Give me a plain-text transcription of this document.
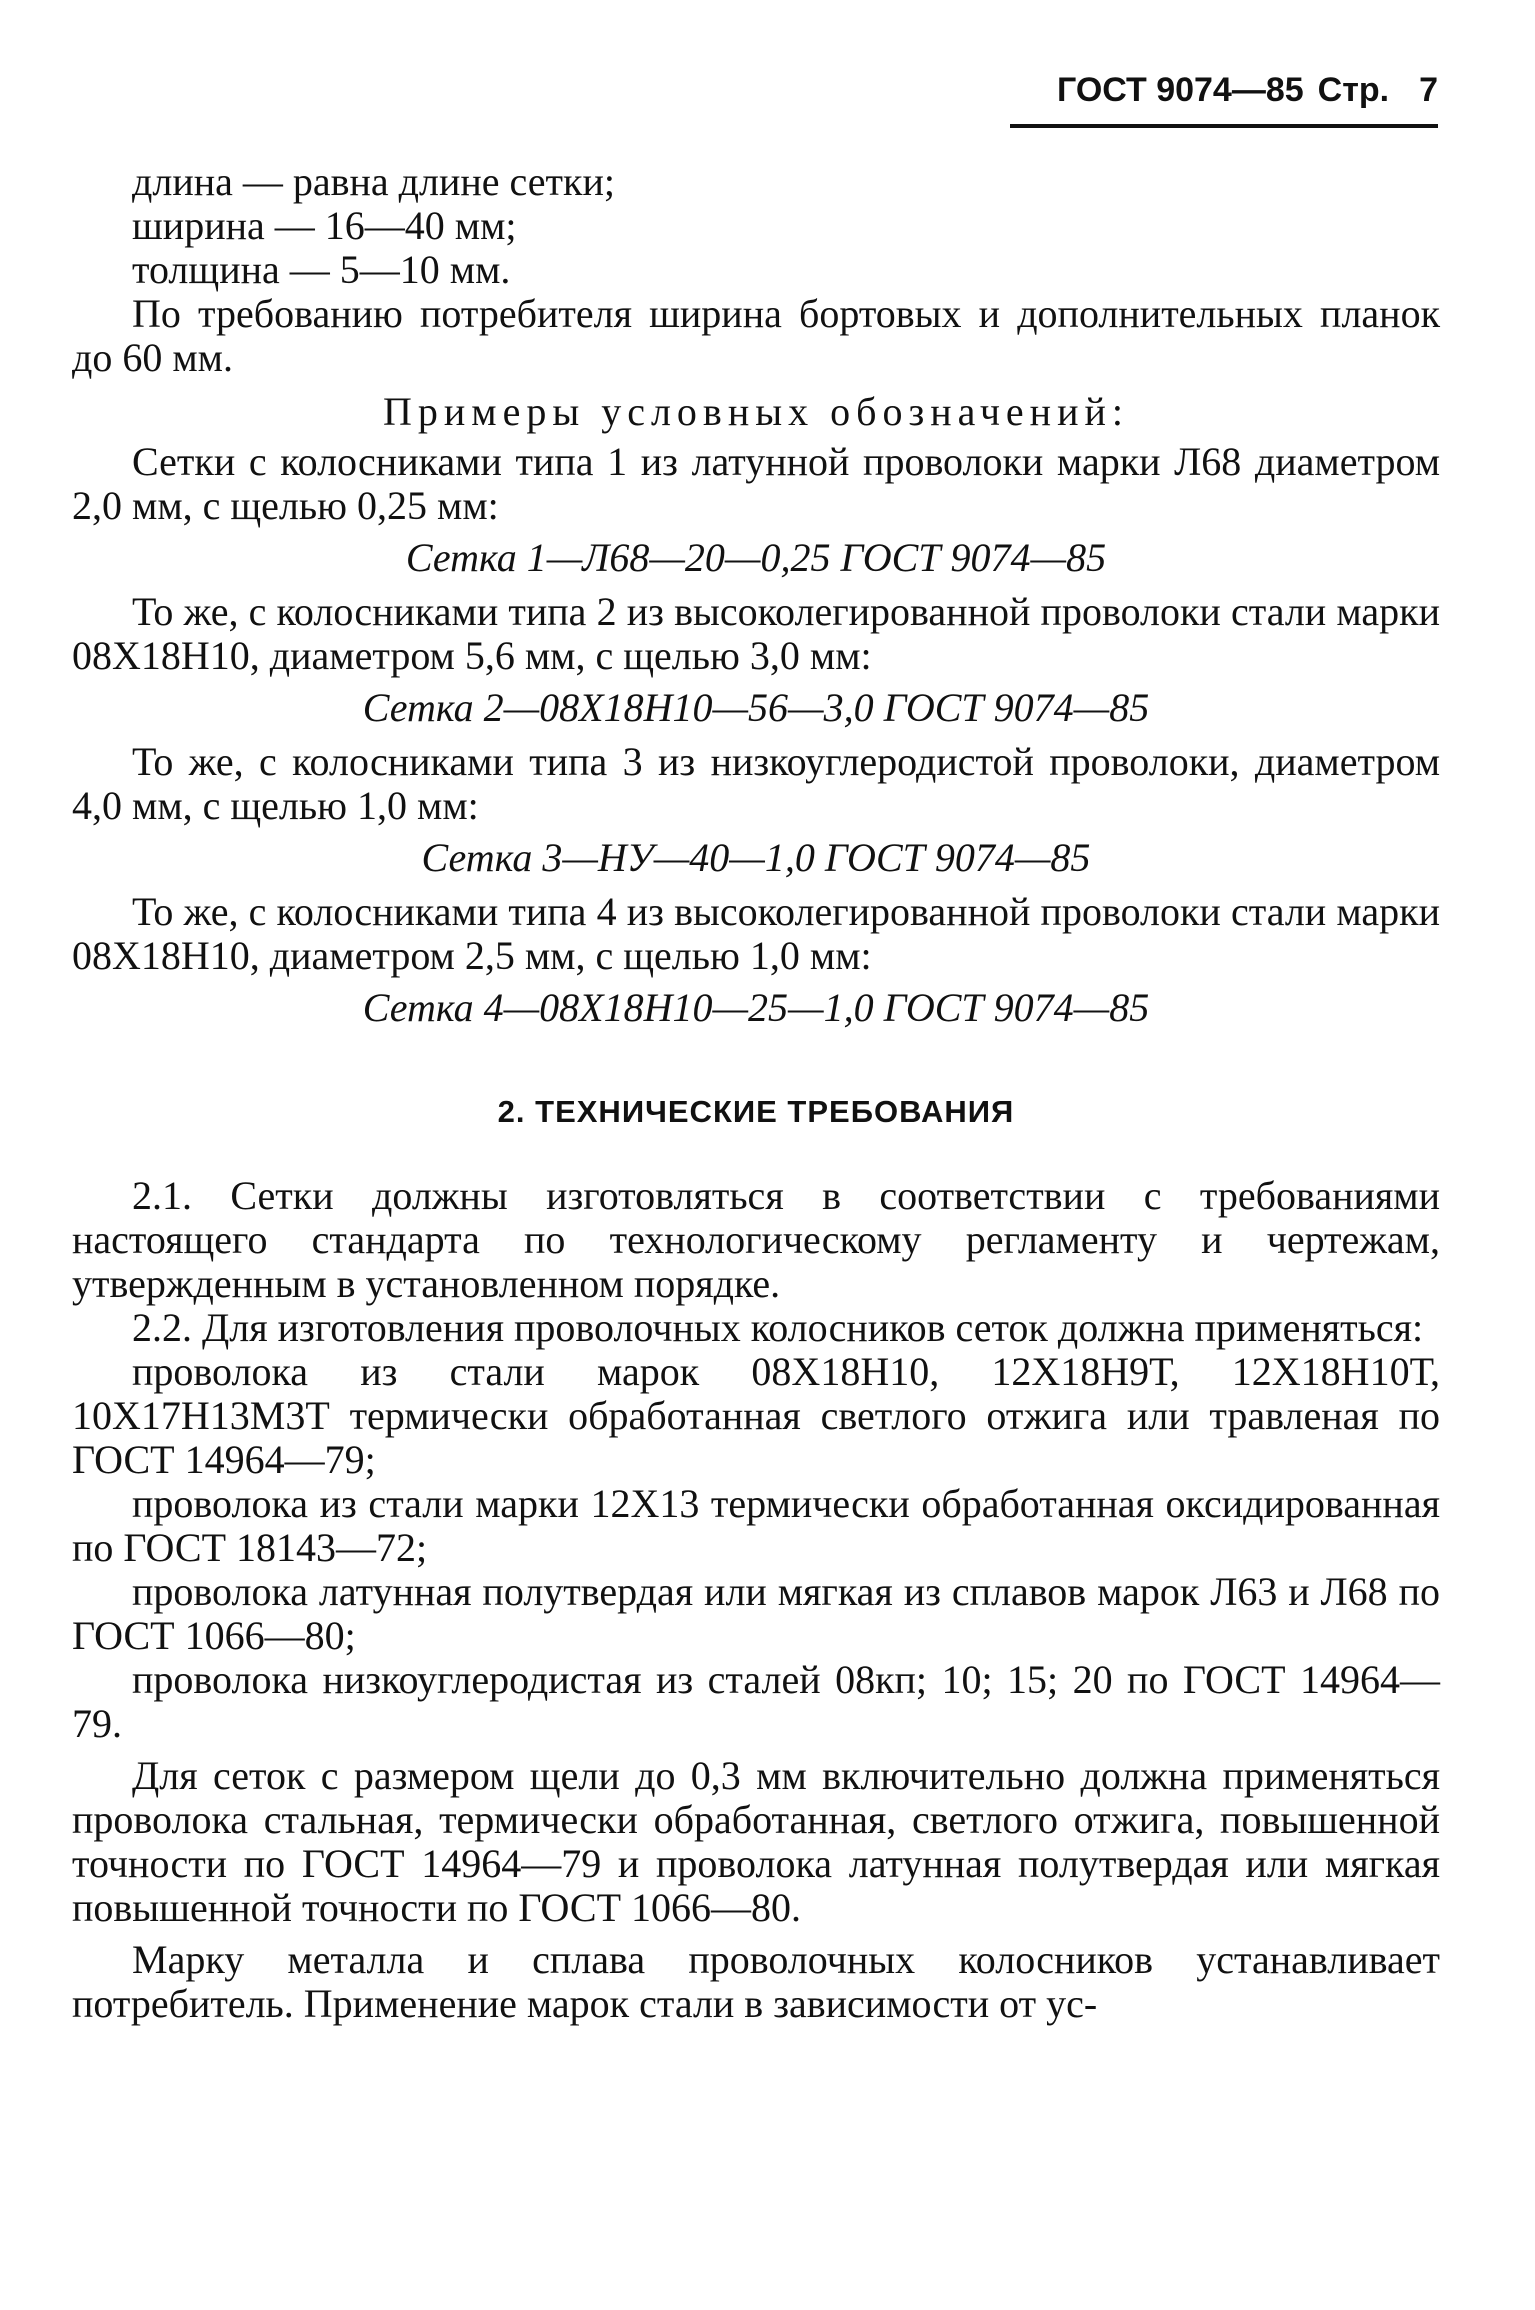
ГОСТ 9074—85 Стр. 7

длина — равна длине сетки;

ширина — 16—40 мм;

толщина — 5—10 мм.

По требованию потребителя ширина бортовых и дополнительных планок до 60 мм.

Примеры условных обозначений:

Сетки с колосниками типа 1 из латунной проволоки марки Л68 диаметром 2,0 мм, с щелью 0,25 мм:

Сетка 1—Л68—20—0,25 ГОСТ 9074—85

То же, с колосниками типа 2 из высоколегированной проволоки стали марки 08Х18Н10, диаметром 5,6 мм, с щелью 3,0 мм:

Сетка 2—08Х18Н10—56—3,0 ГОСТ 9074—85

То же, с колосниками типа 3 из низкоуглеродистой проволоки, диаметром 4,0 мм, с щелью 1,0 мм:

Сетка 3—НУ—40—1,0 ГОСТ 9074—85

То же, с колосниками типа 4 из высоколегированной проволоки стали марки 08Х18Н10, диаметром 2,5 мм, с щелью 1,0 мм:

Сетка 4—08Х18Н10—25—1,0 ГОСТ 9074—85

2. ТЕХНИЧЕСКИЕ ТРЕБОВАНИЯ

2.1. Сетки должны изготовляться в соответствии с требованиями настоящего стандарта по технологическому регламенту и чертежам, утвержденным в установленном порядке.

2.2. Для изготовления проволочных колосников сеток должна применяться:

проволока из стали марок 08Х18Н10, 12Х18Н9Т, 12Х18Н10Т, 10Х17Н13М3Т термически обработанная светлого отжига или травленая по ГОСТ 14964—79;

проволока из стали марки 12Х13 термически обработанная оксидированная по ГОСТ 18143—72;

проволока латунная полутвердая или мягкая из сплавов марок Л63 и Л68 по ГОСТ 1066—80;

проволока низкоуглеродистая из сталей 08кп; 10; 15; 20 по ГОСТ 14964—79.

Для сеток с размером щели до 0,3 мм включительно должна применяться проволока стальная, термически обработанная, светлого отжига, повышенной точности по ГОСТ 14964—79 и проволока латунная полутвердая или мягкая повышенной точности по ГОСТ 1066—80.

Марку металла и сплава проволочных колосников устанавливает потребитель. Применение марок стали в зависимости от ус-
